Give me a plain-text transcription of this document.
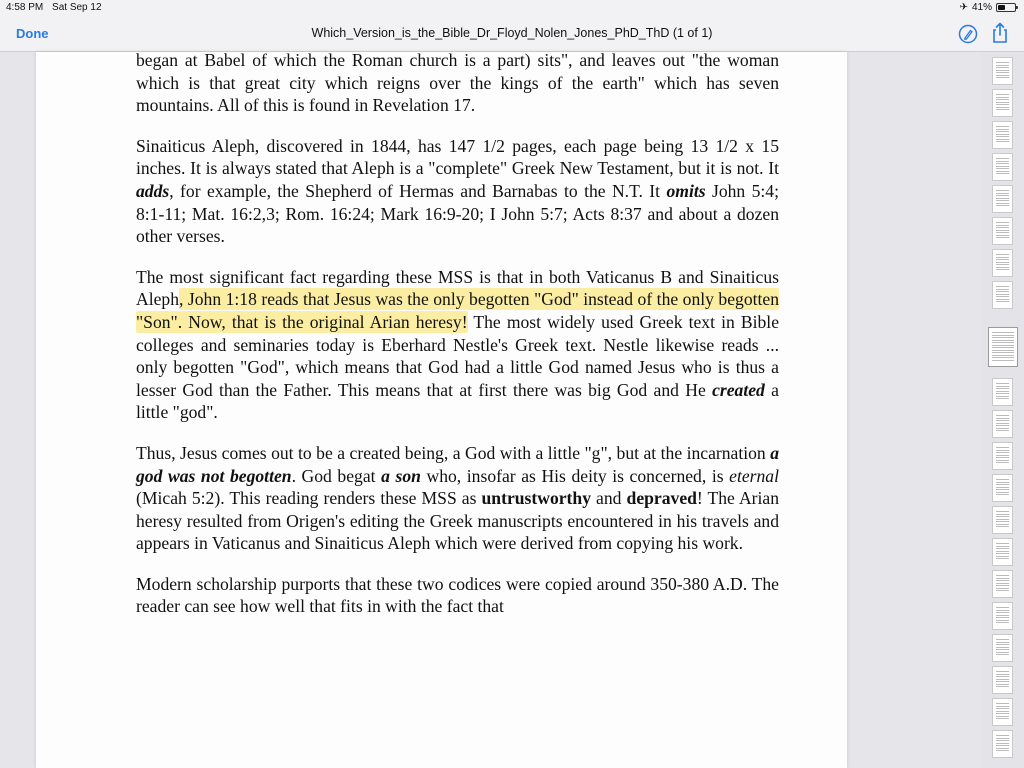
4:58 PM Sat Sep 12	✈ 41%
Done	Which_Version_is_the_Bible_Dr_Floyd_Nolen_Jones_PhD_ThD (1 of 1)

began at Babel of which the Roman church is a part) sits", and leaves out "the woman which is that great city which reigns over the kings of the earth" which has seven mountains. All of this is found in Revelation 17.

Sinaiticus Aleph, discovered in 1844, has 147 1/2 pages, each page being 13 1/2 x 15 inches. It is always stated that Aleph is a "complete" Greek New Testament, but it is not. It adds, for example, the Shepherd of Hermas and Barnabas to the N.T. It omits John 5:4; 8:1-11; Mat. 16:2,3; Rom. 16:24; Mark 16:9-20; I John 5:7; Acts 8:37 and about a dozen other verses.

The most significant fact regarding these MSS is that in both Vaticanus B and Sinaiticus Aleph, John 1:18 reads that Jesus was the only begotten "God" instead of the only begotten "Son". Now, that is the original Arian heresy! The most widely used Greek text in Bible colleges and seminaries today is Eberhard Nestle's Greek text. Nestle likewise reads ... only begotten "God", which means that God had a little God named Jesus who is thus a lesser God than the Father. This means that at first there was big God and He created a little "god".

Thus, Jesus comes out to be a created being, a God with a little "g", but at the incarnation a god was not begotten. God begat a son who, insofar as His deity is concerned, is eternal (Micah 5:2). This reading renders these MSS as untrustworthy and depraved! The Arian heresy resulted from Origen's editing the Greek manuscripts encountered in his travels and appears in Vaticanus and Sinaiticus Aleph which were derived from copying his work.

Modern scholarship purports that these two codices were copied around 350-380 A.D. The reader can see how well that fits in with the fact that
